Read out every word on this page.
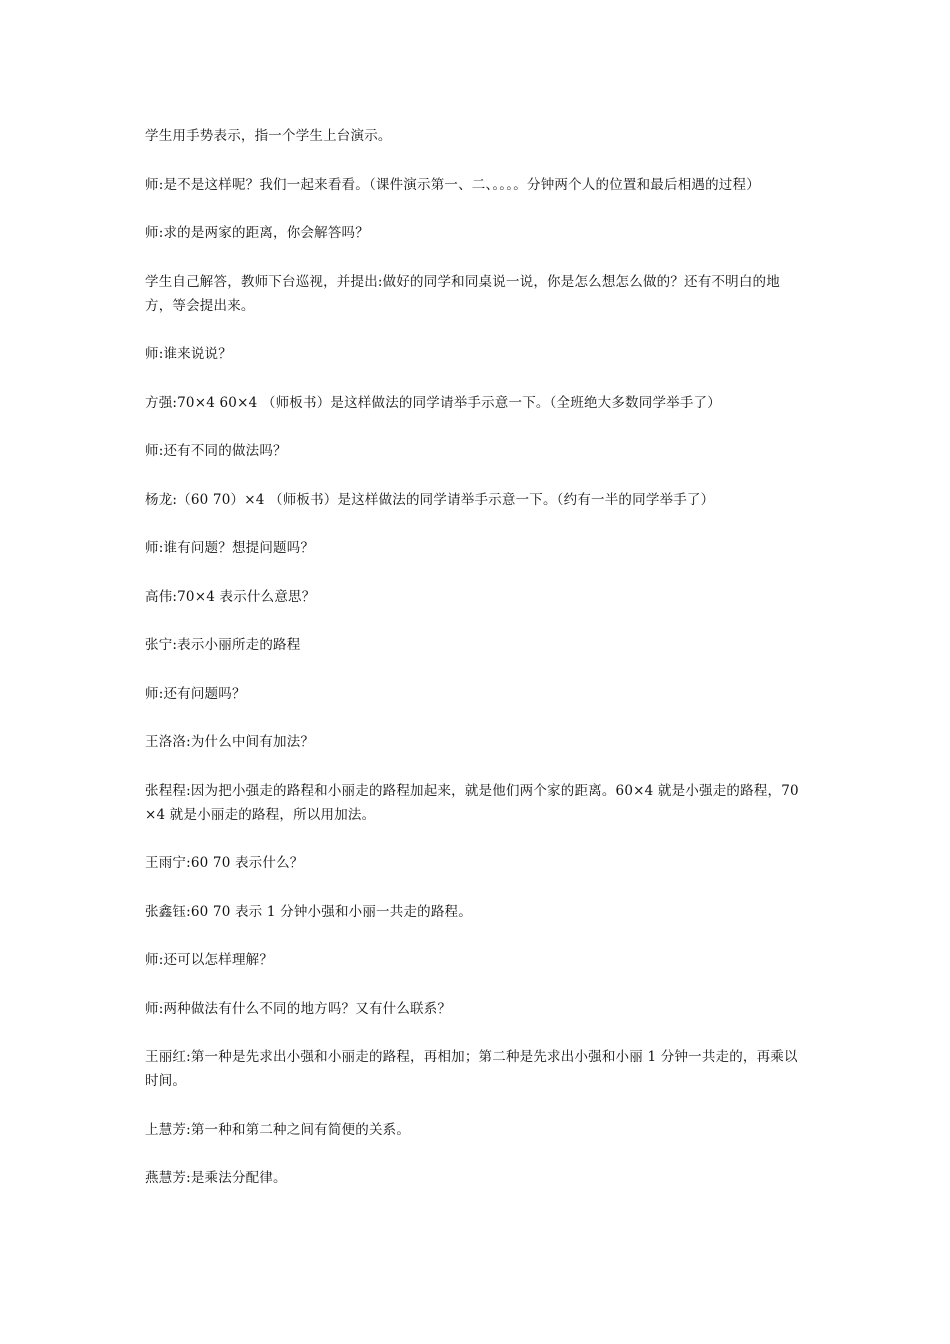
学生用手势表示，指一个学生上台演示。

师:是不是这样呢？我们一起来看看。（课件演示第一、二、。。。。分钟两个人的位置和最后相遇的过程）

师:求的是两家的距离，你会解答吗？

学生自己解答，教师下台巡视，并提出:做好的同学和同桌说一说，你是怎么想怎么做的？还有不明白的地方，等会提出来。

师:谁来说说？

方强:70×4 60×4 （师板书）是这样做法的同学请举手示意一下。（全班绝大多数同学举手了）

师:还有不同的做法吗？

杨龙:（60 70）×4 （师板书）是这样做法的同学请举手示意一下。（约有一半的同学举手了）

师:谁有问题？想提问题吗？

高伟:70×4 表示什么意思？

张宁:表示小丽所走的路程

师:还有问题吗？

王洛洛:为什么中间有加法？

张程程:因为把小强走的路程和小丽走的路程加起来，就是他们两个家的距离。60×4 就是小强走的路程，70×4 就是小丽走的路程，所以用加法。

王雨宁:60 70 表示什么？

张鑫钰:60 70 表示 1 分钟小强和小丽一共走的路程。

师:还可以怎样理解？

师:两种做法有什么不同的地方吗？又有什么联系？

王丽红:第一种是先求出小强和小丽走的路程，再相加；第二种是先求出小强和小丽 1 分钟一共走的，再乘以时间。

上慧芳:第一种和第二种之间有简便的关系。

燕慧芳:是乘法分配律。
